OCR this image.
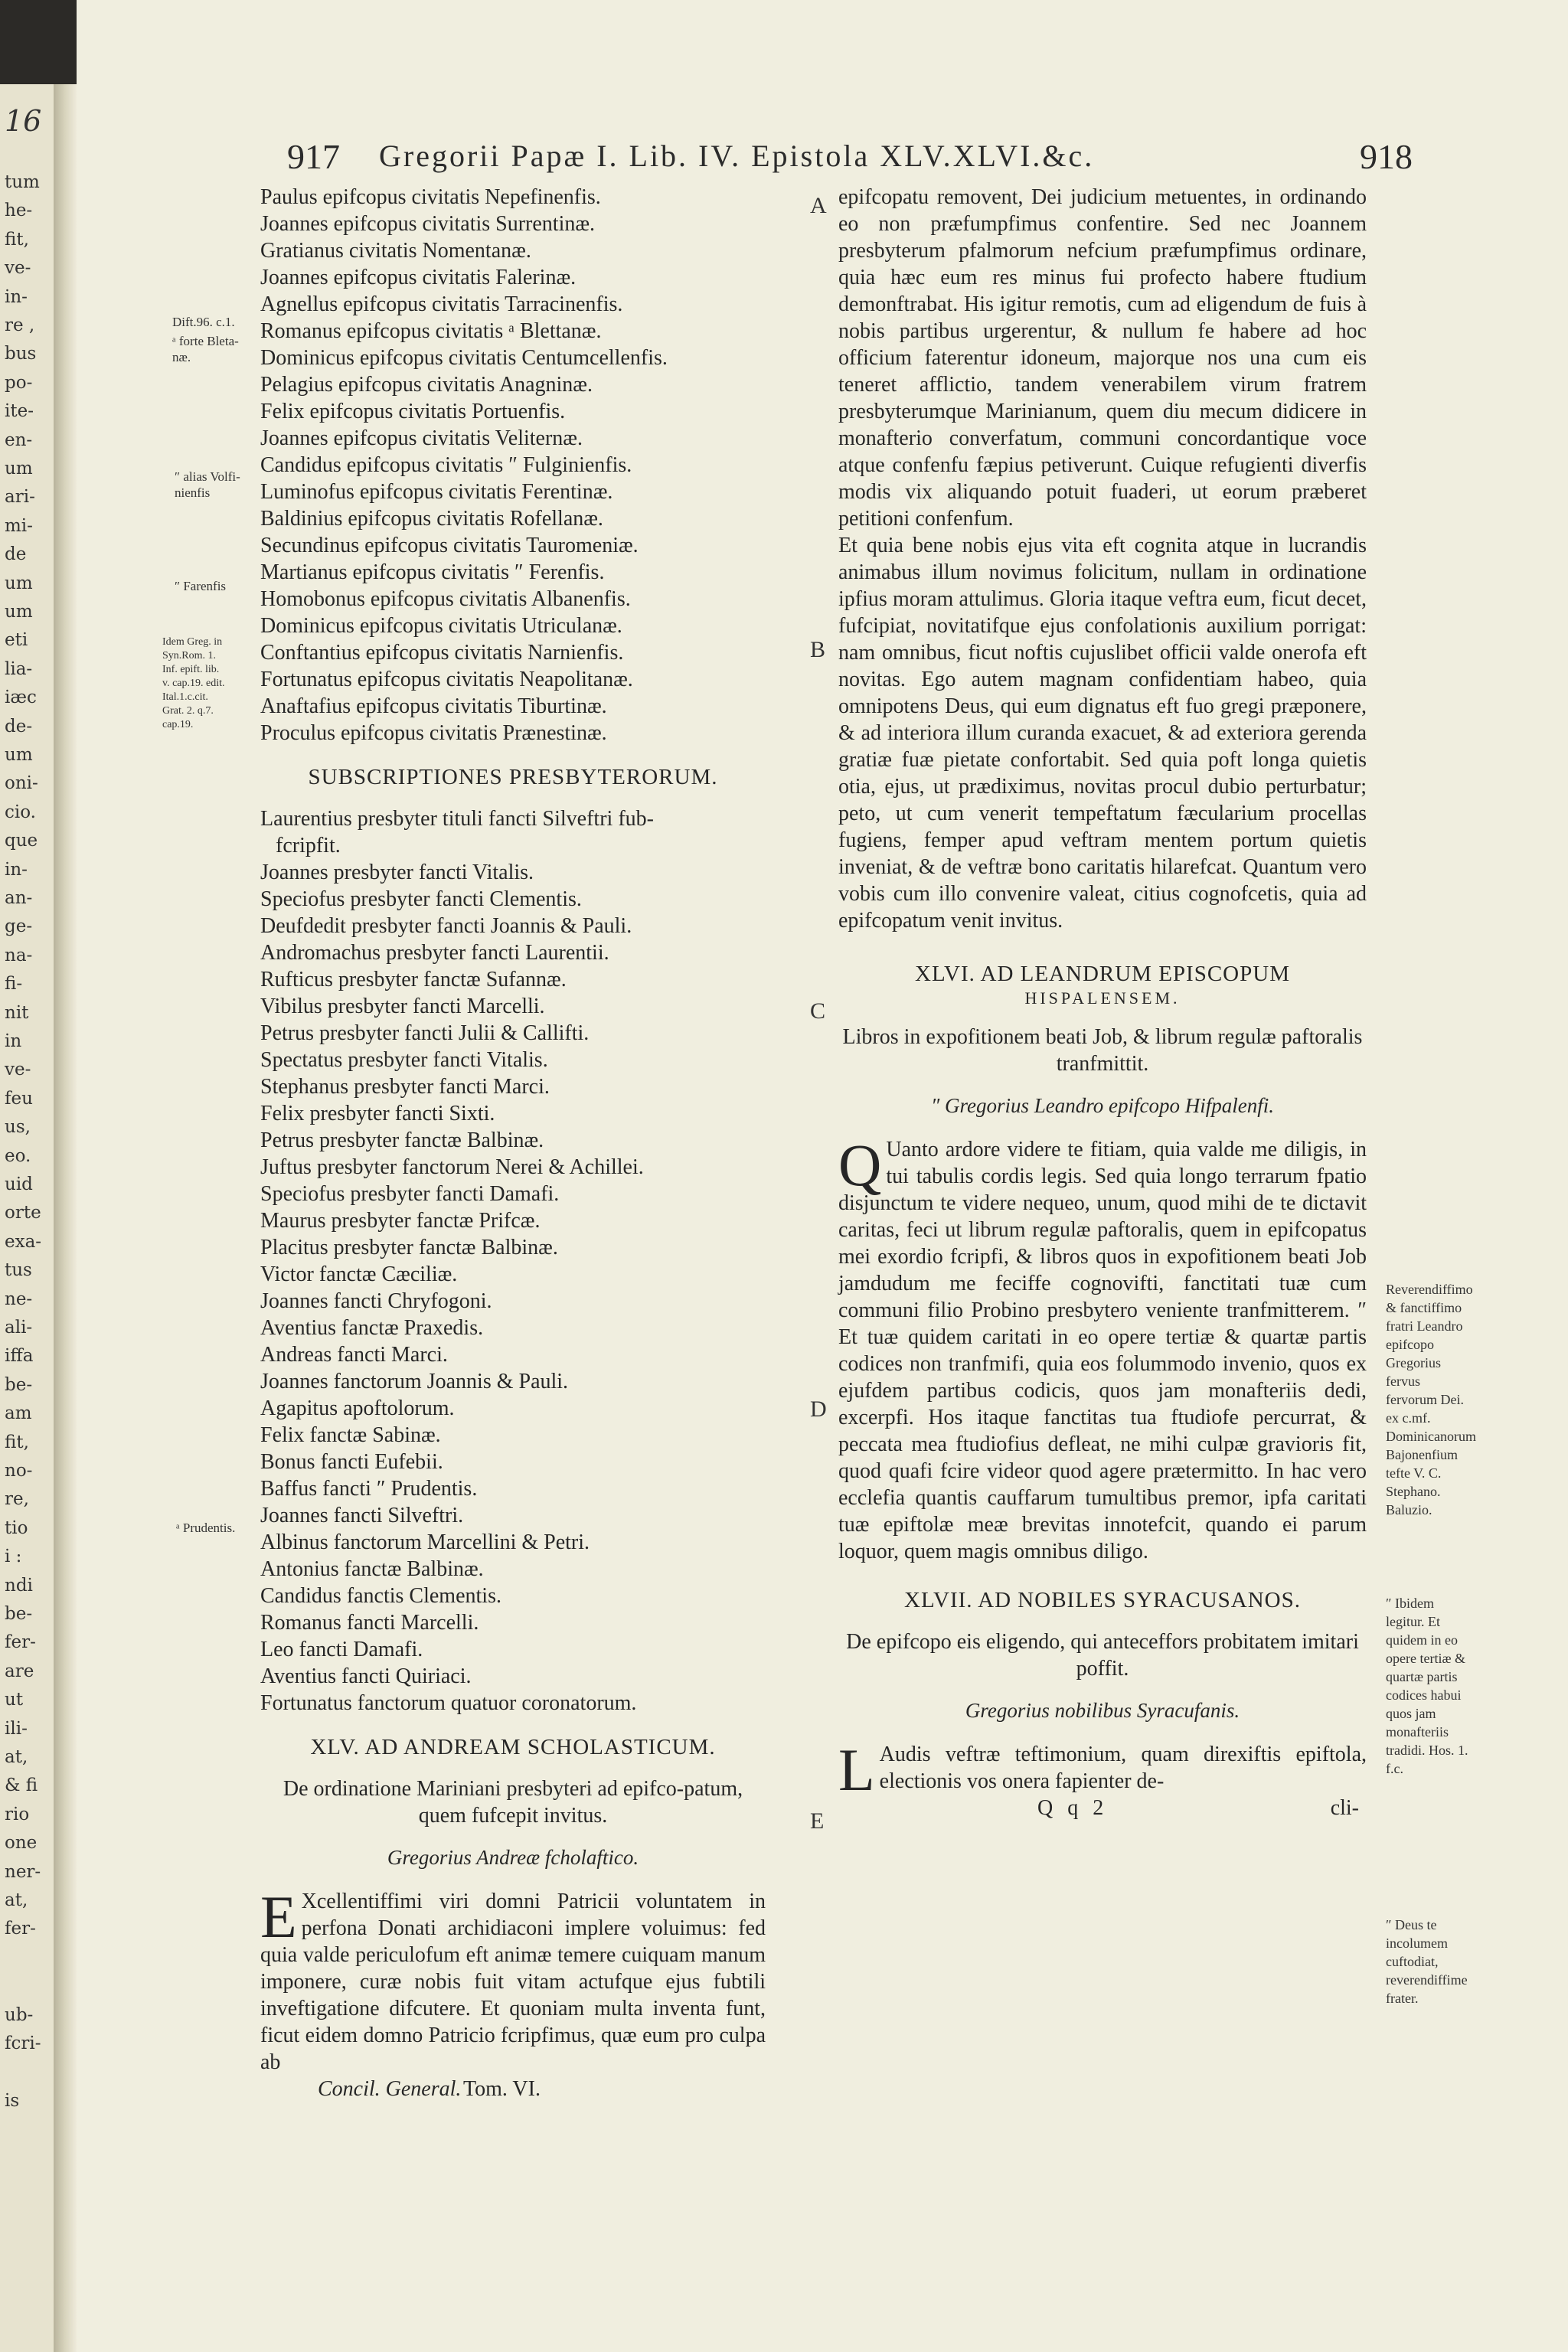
16
tum
he-
fit,
ve-
in-
re ,
bus
po-
ite-
en-
um
ari-
mi-
de
um
um
eti
lia-
iæc
de-
um
oni-
cio.
que
in-
an-
ge-
na-
fi-
nit
in
ve-
feu
us,
eo.
uid
orte
exa-
tus
ne-
ali-
iffa
be-
am
fit,
no-
re,
tio
i :
ndi
be-
fer-
are
ut
ili-
at,
& fi
rio
one
ner-
at,
fer-
ub-
fcri-
is
917 Gregorii Papæ I. Lib. IV. Epistola XLV.XLVI.&c.	918
Dift.96. c.1.
ᵃ forte Bleta-næ.
″ alias Volfi-nienfis
″ Farenfis
Idem Greg. in Syn.Rom. 1. Inf. epift. lib. v. cap.19. edit. Ital.1.c.cit. Grat. 2. q.7. cap.19.
ᵃ Prudentis.
Paulus epifcopus civitatis Nepefinenfis.
Joannes epifcopus civitatis Surrentinæ.
Gratianus civitatis Nomentanæ.
Joannes epifcopus civitatis Falerinæ.
Agnellus epifcopus civitatis Tarracinenfis.
Romanus epifcopus civitatis ᵃ Blettanæ.
Dominicus epifcopus civitatis Centumcellenfis.
Pelagius epifcopus civitatis Anagninæ.
Felix epifcopus civitatis Portuenfis.
Joannes epifcopus civitatis Veliternæ.
Candidus epifcopus civitatis ″ Fulginienfis.
Luminofus epifcopus civitatis Ferentinæ.
Baldinius epifcopus civitatis Rofellanæ.
Secundinus epifcopus civitatis Tauromeniæ.
Martianus epifcopus civitatis ″ Ferenfis.
Homobonus epifcopus civitatis Albanenfis.
Dominicus epifcopus civitatis Utriculanæ.
Conftantius epifcopus civitatis Narnienfis.
Fortunatus epifcopus civitatis Neapolitanæ.
Anaftafius epifcopus civitatis Tiburtinæ.
Proculus epifcopus civitatis Prænestinæ.
SUBSCRIPTIONES PRESBYTERORUM.
Laurentius presbyter tituli fancti Silveftri fub-
fcripfit.
Joannes presbyter fancti Vitalis.
Speciofus presbyter fancti Clementis.
Deufdedit presbyter fancti Joannis & Pauli.
Andromachus presbyter fancti Laurentii.
Rufticus presbyter fanctæ Sufannæ.
Vibilus presbyter fancti Marcelli.
Petrus presbyter fancti Julii & Callifti.
Spectatus presbyter fancti Vitalis.
Stephanus presbyter fancti Marci.
Felix presbyter fancti Sixti.
Petrus presbyter fanctæ Balbinæ.
Juftus presbyter fanctorum Nerei & Achillei.
Speciofus presbyter fancti Damafi.
Maurus presbyter fanctæ Prifcæ.
Placitus presbyter fanctæ Balbinæ.
Victor fanctæ Cæciliæ.
Joannes fancti Chryfogoni.
Aventius fanctæ Praxedis.
Andreas fancti Marci.
Joannes fanctorum Joannis & Pauli.
Agapitus apoftolorum.
Felix fanctæ Sabinæ.
Bonus fancti Eufebii.
Baffus fancti ″ Prudentis.
Joannes fancti Silveftri.
Albinus fanctorum Marcellini & Petri.
Antonius fanctæ Balbinæ.
Candidus fanctis Clementis.
Romanus fancti Marcelli.
Leo fancti Damafi.
Aventius fancti Quiriaci.
Fortunatus fanctorum quatuor coronatorum.
XLV. AD ANDREAM SCHOLASTICUM.
De ordinatione Mariniani presbyteri ad epifco-patum, quem fufcepit invitus.
Gregorius Andreæ fcholaftico.

E Xcellentiffimi viri domni Patricii voluntatem in perfona Donati archidiaconi implere voluimus: fed quia valde periculofum eft animæ temere cuiquam manum imponere, curæ nobis fuit vitam actufque ejus fubtili inveftigatione difcutere. Et quoniam multa inventa funt, ficut eidem domno Patricio fcripfimus, quæ eum pro culpa ab

Concil. General. Tom. VI.
A
B
C
D
E

epifcopatu removent, Dei judicium metuentes, in ordinando eo non præfumpfimus confentire. Sed nec Joannem presbyterum pfalmorum nefcium præfumpfimus ordinare, quia hæc eum res minus fui profecto habere ftudium demonftrabat. His igitur remotis, cum ad eligendum de fuis à nobis partibus urgerentur, & nullum fe habere ad hoc officium faterentur idoneum, majorque nos una cum eis teneret afflictio, tandem venerabilem virum fratrem presbyterumque Marinianum, quem diu mecum didicere in monafterio converfatum, communi concordantique voce atque confenfu fæpius petiverunt. Cuique refugienti diverfis modis vix aliquando potuit fuaderi, ut eorum præberet petitioni confenfum.

Et quia bene nobis ejus vita eft cognita atque in lucrandis animabus illum novimus folicitum, nullam in ordinatione ipfius moram attulimus. Gloria itaque veftra eum, ficut decet, fufcipiat, novitatifque ejus confolationis auxilium porrigat: nam omnibus, ficut noftis cujuslibet officii valde onerofa eft novitas. Ego autem magnam confidentiam habeo, quia omnipotens Deus, qui eum dignatus eft fuo gregi præponere, & ad interiora illum curanda exacuet, & ad exteriora gerenda gratiæ fuæ pietate confortabit. Sed quia poft longa quietis otia, ejus, ut prædiximus, novitas procul dubio perturbatur; peto, ut cum venerit tempeftatum fæcularium procellas fugiens, femper apud veftram mentem portum quietis inveniat, & de veftræ bono caritatis hilarefcat. Quantum vero vobis cum illo convenire valeat, citius cognofcetis, quia ad epifcopatum venit invitus.

XLVI. AD LEANDRUM EPISCOPUM
HISPALENSEM.
Libros in expofitionem beati Job, & librum regulæ paftoralis tranfmittit.
″ Gregorius Leandro epifcopo Hifpalenfi.

Q Uanto ardore videre te fitiam, quia valde me diligis, in tui tabulis cordis legis. Sed quia longo terrarum fpatio disjunctum te videre nequeo, unum, quod mihi de te dictavit caritas, feci ut librum regulæ paftoralis, quem in epifcopatus mei exordio fcripfi, & libros quos in expofitionem beati Job jamdudum me feciffe cognovifti, fanctitati tuæ cum communi filio Probino presbytero veniente tranfmitterem. ″ Et tuæ quidem caritati in eo opere tertiæ & quartæ partis codices non tranfmifi, quia eos folummodo invenio, quos ex ejufdem partibus codicis, quos jam monafteriis dedi, excerpfi. Hos itaque fanctitas tua ftudiofe percurrat, & peccata mea ftudiofius defleat, ne mihi culpæ gravioris fit, quod quafi fcire videor quod agere prætermitto. In hac vero ecclefia quantis cauffarum tumultibus premor, ipfa caritati tuæ epiftolæ meæ brevitas innotefcit, quando ei parum loquor, quem magis omnibus diligo.

XLVII. AD NOBILES SYRACUSANOS.
De epifcopo eis eligendo, qui anteceffors probitatem imitari poffit.
Gregorius nobilibus Syracufanis.

L Audis veftræ teftimonium, quam direxiftis epiftola, electionis vos onera fapienter de-

Q q 2	cli-
Reverendiffimo & fanctiffimo fratri Leandro epifcopo Gregorius fervus fervorum Dei. ex c.mf. Dominicanorum Bajonenfium tefte V. C. Stephano. Baluzio.
″ Ibidem legitur. Et quidem in eo opere tertiæ & quartæ partis codices habui quos jam monafteriis tradidi. Hos. 1. f.c.
″ Deus te incolumem cuftodiat, reverendiffime frater.
